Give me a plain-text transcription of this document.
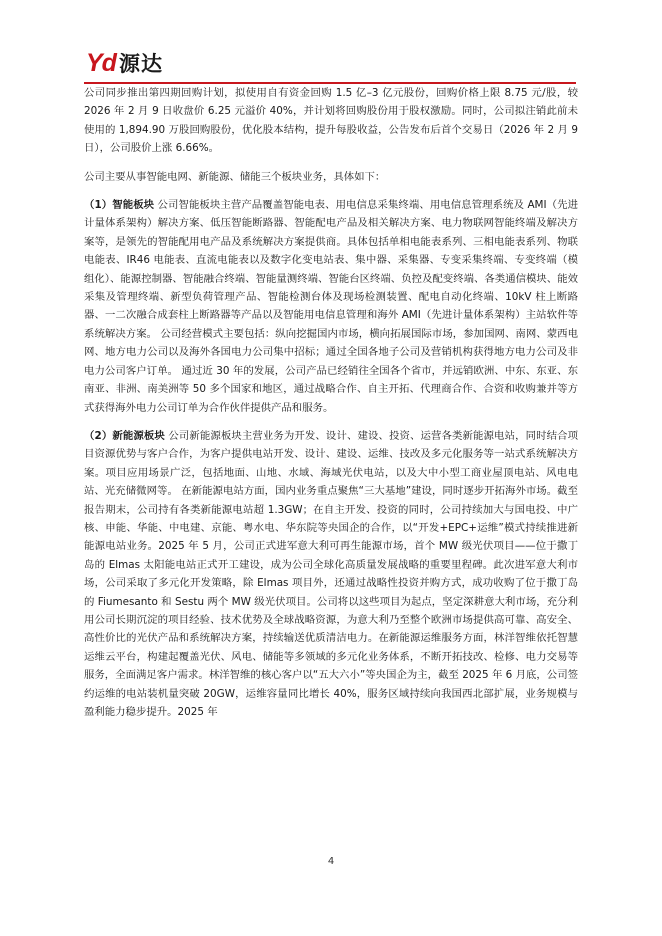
Yd 源达

公司同步推出第四期回购计划，拟使用自有资金回购 1.5 亿–3 亿元股份，回购价格上限 8.75 元/股，较 2026 年 2 月 9 日收盘价 6.25 元溢价 40%，并计划将回购股份用于股权激励。同时，公司拟注销此前未使用的 1,894.90 万股回购股份，优化股本结构，提升每股收益，公告发布后首个交易日（2026 年 2 月 9 日），公司股价上涨 6.66%。

公司主要从事智能电网、新能源、储能三个板块业务，具体如下：

（1）智能板块 公司智能板块主营产品覆盖智能电表、用电信息采集终端、用电信息管理系统及 AMI（先进计量体系架构）解决方案、低压智能断路器、智能配电产品及相关解决方案、电力物联网智能终端及解决方案等，是领先的智能配用电产品及系统解决方案提供商。具体包括单相电能表系列、三相电能表系列、物联电能表、IR46 电能表、直流电能表以及数字化变电站表、集中器、采集器、专变采集终端、专变终端（模组化）、能源控制器、智能融合终端、智能量测终端、智能台区终端、负控及配变终端、各类通信模块、能效采集及管理终端、新型负荷管理产品、智能检测台体及现场检测装置、配电自动化终端、10kV 柱上断路器、一二次融合成套柱上断路器等产品以及智能用电信息管理和海外 AMI（先进计量体系架构）主站软件等系统解决方案。 公司经营模式主要包括：纵向挖掘国内市场，横向拓展国际市场，参加国网、南网、蒙西电网、地方电力公司以及海外各国电力公司集中招标；通过全国各地子公司及营销机构获得地方电力公司及非电力公司客户订单。 通过近 30 年的发展，公司产品已经销往全国各个省市，并远销欧洲、中东、东亚、东南亚、非洲、南美洲等 50 多个国家和地区，通过战略合作、自主开拓、代理商合作、合资和收购兼并等方式获得海外电力公司订单为合作伙伴提供产品和服务。

（2）新能源板块 公司新能源板块主营业务为开发、设计、建设、投资、运营各类新能源电站，同时结合项目资源优势与客户合作，为客户提供电站开发、设计、建设、运维、技改及多元化服务等一站式系统解决方案。项目应用场景广泛，包括地面、山地、水域、海域光伏电站，以及大中小型工商业屋顶电站、风电电站、光充储微网等。 在新能源电站方面，国内业务重点聚焦“三大基地”建设，同时逐步开拓海外市场。截至报告期末，公司持有各类新能源电站超 1.3GW；在自主开发、投资的同时，公司持续加大与国电投、中广核、申能、华能、中电建、京能、粤水电、华东院等央国企的合作，以“开发+EPC+运维”模式持续推进新能源电站业务。2025 年 5 月，公司正式进军意大利可再生能源市场，首个 MW 级光伏项目——位于撒丁岛的 Elmas 太阳能电站正式开工建设，成为公司全球化高质量发展战略的重要里程碑。此次进军意大利市场，公司采取了多元化开发策略，除 Elmas 项目外，还通过战略性投资并购方式，成功收购了位于撒丁岛的 Fiumesanto 和 Sestu 两个 MW 级光伏项目。公司将以这些项目为起点，坚定深耕意大利市场，充分利用公司长期沉淀的项目经验、技术优势及全球战略资源，为意大利乃至整个欧洲市场提供高可靠、高安全、高性价比的光伏产品和系统解决方案，持续输送优质清洁电力。在新能源运维服务方面，林洋智维依托智慧运维云平台，构建起覆盖光伏、风电、储能等多领域的多元化业务体系，不断开拓技改、检修、电力交易等服务，全面满足客户需求。林洋智维的核心客户以“五大六小”等央国企为主，截至 2025 年 6 月底，公司签约运维的电站装机量突破 20GW，运维容量同比增长 40%，服务区域持续向我国西北部扩展，业务规模与盈利能力稳步提升。2025 年

4
